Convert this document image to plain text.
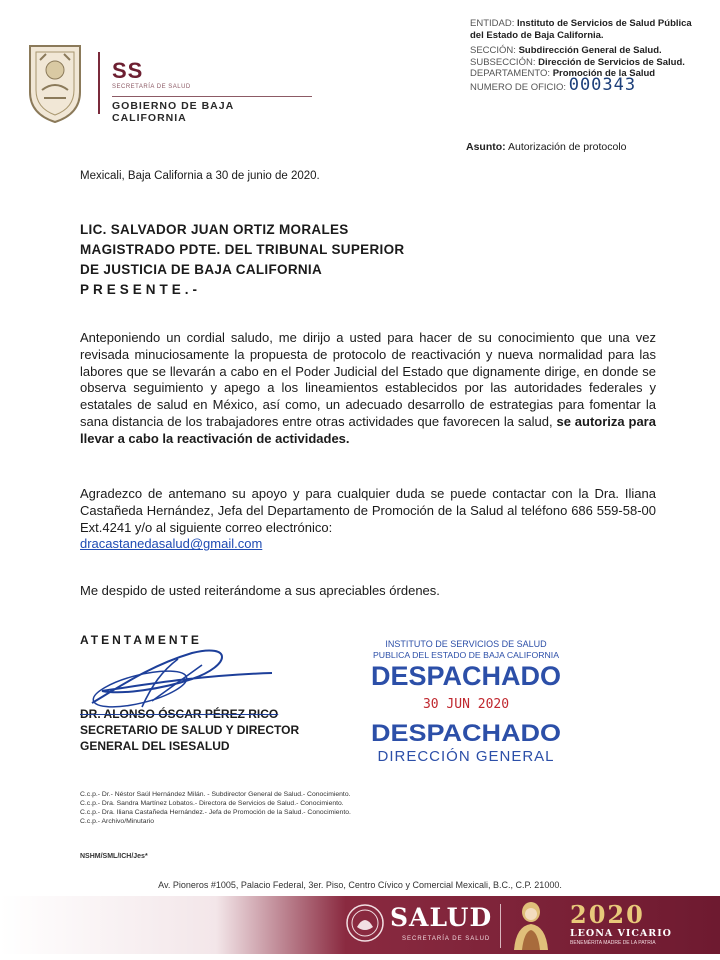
SS
SECRETARÍA DE SALUD
GOBIERNO DE BAJA CALIFORNIA
ENTIDAD: Instituto de Servicios de Salud Pública del Estado de Baja California.
SECCIÓN: Subdirección General de Salud.
SUBSECCIÓN: Dirección de Servicios de Salud.
DEPARTAMENTO: Promoción de la Salud
NUMERO DE OFICIO: 000343
Asunto: Autorización de protocolo
Mexicali, Baja California a 30 de junio de 2020.
LIC. SALVADOR JUAN ORTIZ MORALES
MAGISTRADO PDTE. DEL TRIBUNAL SUPERIOR
DE JUSTICIA DE BAJA CALIFORNIA
PRESENTE.-
Anteponiendo un cordial saludo, me dirijo a usted para hacer de su conocimiento que una vez revisada minuciosamente la propuesta de protocolo de reactivación y nueva normalidad para las labores que se llevarán a cabo en el Poder Judicial del Estado que dignamente dirige, en donde se observa seguimiento y apego a los lineamientos establecidos por las autoridades federales y estatales de salud en México, así como, un adecuado desarrollo de estrategias para fomentar la sana distancia de los trabajadores entre otras actividades que favorecen la salud, se autoriza para llevar a cabo la reactivación de actividades.
Agradezco de antemano su apoyo y para cualquier duda se puede contactar con la Dra. Iliana Castañeda Hernández, Jefa del Departamento de Promoción de la Salud al teléfono 686 559-58-00 Ext.4241 y/o al siguiente correo electrónico:
dracastanedasalud@gmail.com
Me despido de usted reiterándome a sus apreciables órdenes.
ATENTAMENTE
DR. ALONSO ÓSCAR PÉREZ RICO
SECRETARIO DE SALUD Y DIRECTOR
GENERAL DEL ISESALUD
INSTITUTO DE SERVICIOS DE SALUD
PUBLICA DEL ESTADO DE BAJA CALIFORNIA
DESPACHADO
30 JUN 2020
DESPACHADO
DIRECCIÓN GENERAL
C.c.p.- Dr.- Néstor Saúl Hernández Milán. - Subdirector General de Salud.- Conocimiento.
C.c.p.- Dra. Sandra Martínez Lobatos.- Directora de Servicios de Salud.- Conocimiento.
C.c.p.- Dra. Iliana Castañeda Hernández.- Jefa de Promoción de la Salud.- Conocimiento.
C.c.p.- Archivo/Minutario
NSHM/SML/ICH/Jes*
Av. Pioneros #1005, Palacio Federal, 3er. Piso, Centro Cívico y Comercial Mexicali, B.C., C.P. 21000.
SALUD
SECRETARÍA DE SALUD
2020
LEONA VICARIO
BENEMÉRITA MADRE DE LA PATRIA
